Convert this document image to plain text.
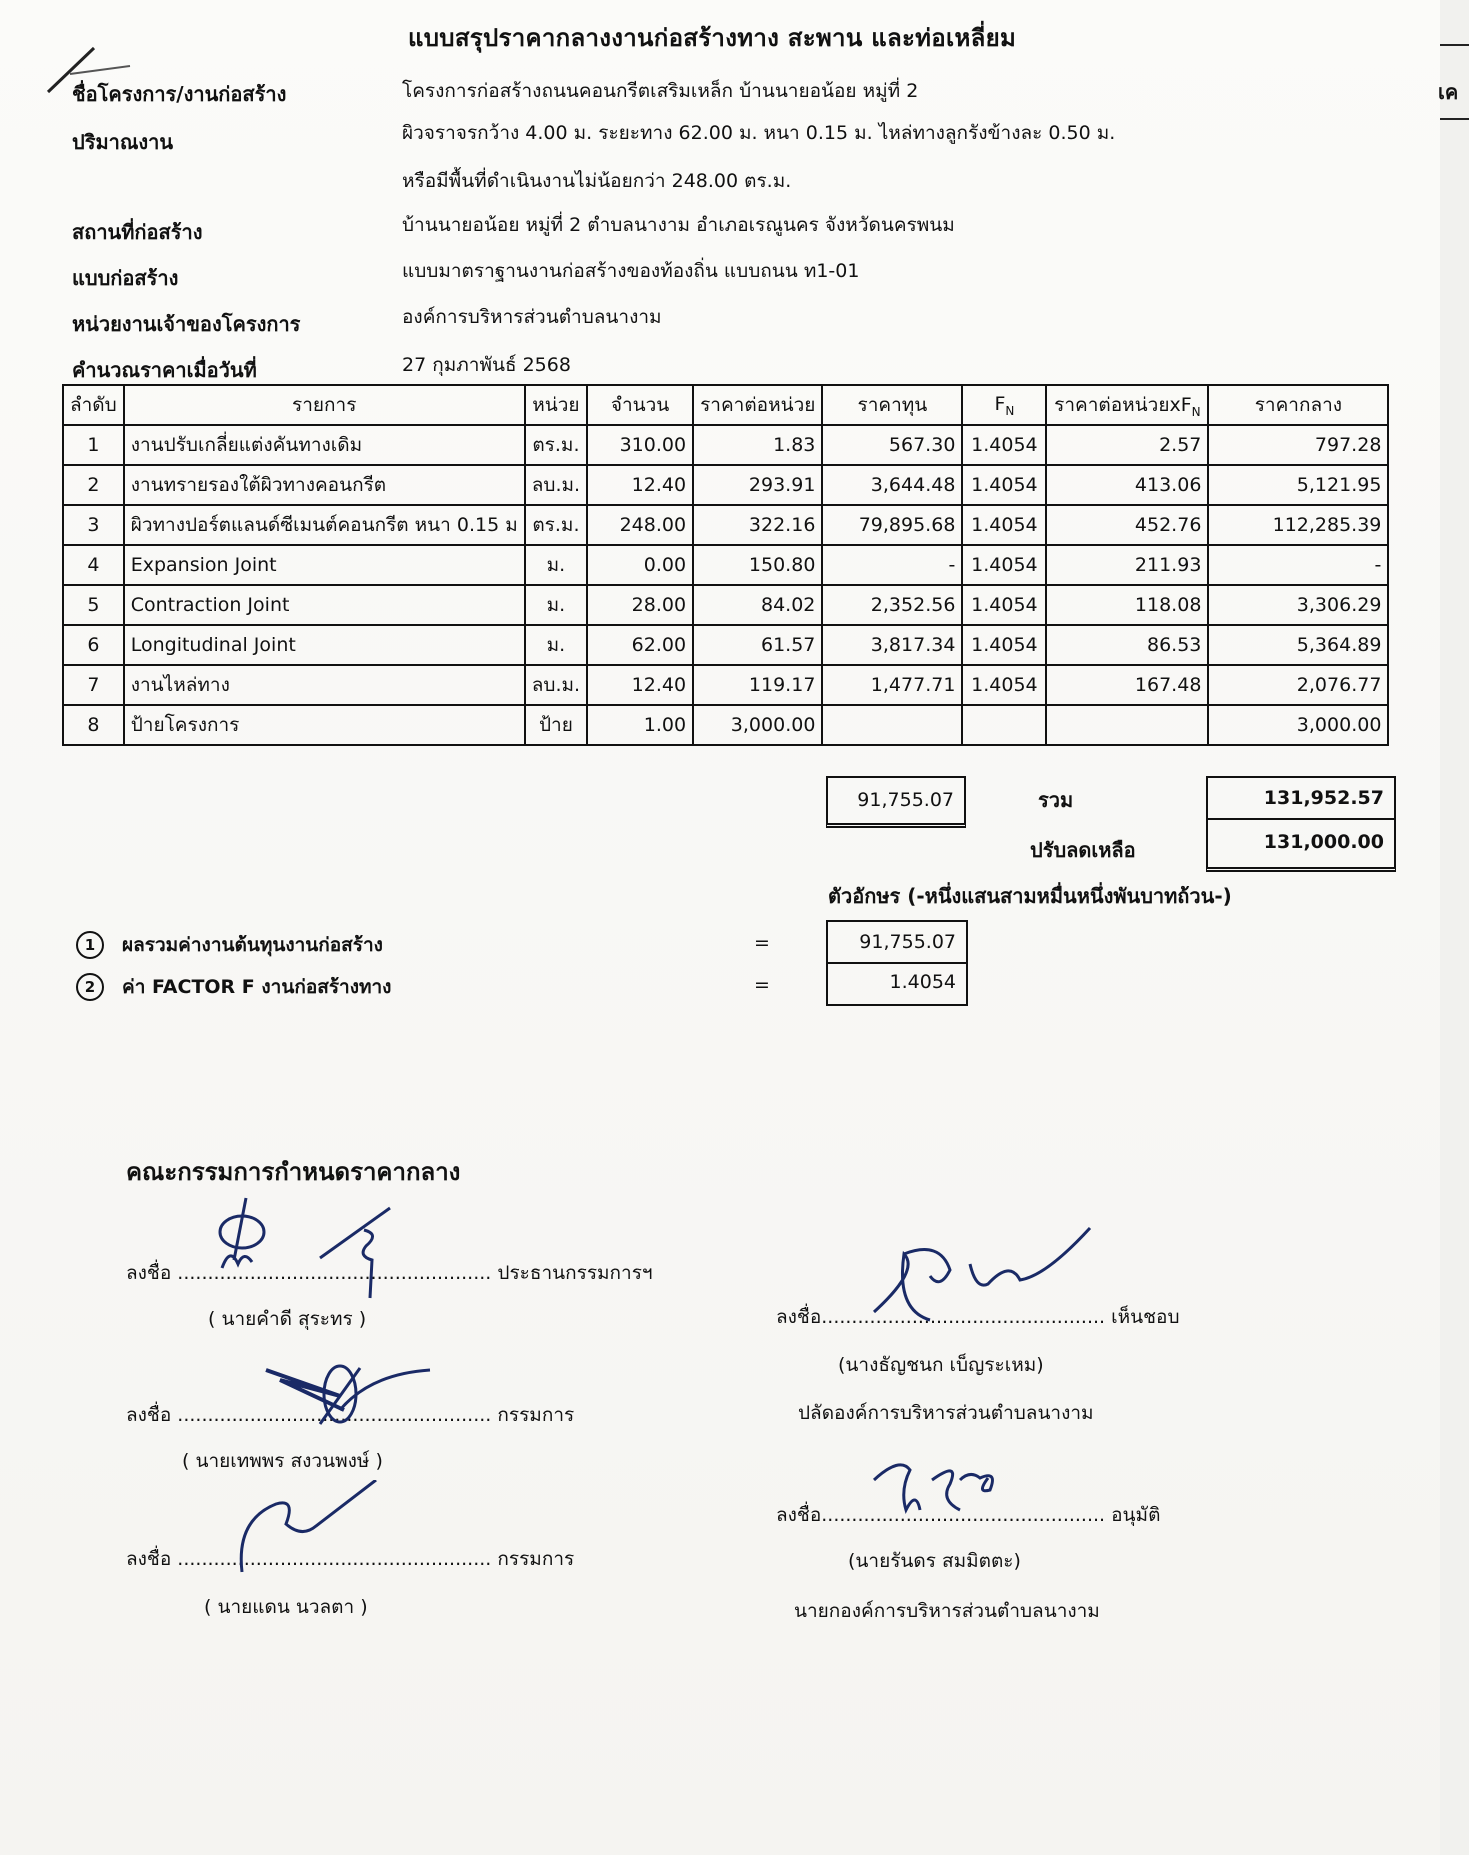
เค
แบบสรุปราคากลางงานก่อสร้างทาง สะพาน และท่อเหลี่ยม
ชื่อโครงการ/งานก่อสร้าง	โครงการก่อสร้างถนนคอนกรีตเสริมเหล็ก บ้านนายอน้อย หมู่ที่ 2
ปริมาณงาน	ผิวจราจรกว้าง 4.00 ม. ระยะทาง 62.00 ม. หนา 0.15 ม. ไหล่ทางลูกรังข้างละ 0.50 ม.
หรือมีพื้นที่ดำเนินงานไม่น้อยกว่า 248.00 ตร.ม.
สถานที่ก่อสร้าง	บ้านนายอน้อย หมู่ที่ 2 ตำบลนางาม อำเภอเรณูนคร จังหวัดนครพนม
แบบก่อสร้าง	แบบมาตราฐานงานก่อสร้างของท้องถิ่น แบบถนน ท1-01
หน่วยงานเจ้าของโครงการ	องค์การบริหารส่วนตำบลนางาม
คำนวณราคาเมื่อวันที่	27 กุมภาพันธ์ 2568
ลำดับ	รายการ	หน่วย	จำนวน	ราคาต่อหน่วย	ราคาทุน	$F_N$	ราคาต่อหน่วย$xF_N$	ราคากลาง
1	งานปรับเกลี่ยแต่งคันทางเดิม	ตร.ม.	310.00	1.83	567.30	1.4054	2.57	797.28
2	งานทรายรองใต้ผิวทางคอนกรีต	ลบ.ม.	12.40	293.91	3,644.48	1.4054	413.06	5,121.95
3	ผิวทางปอร์ตแลนด์ซีเมนต์คอนกรีต หนา 0.15 ม	ตร.ม.	248.00	322.16	79,895.68	1.4054	452.76	112,285.39
4	Expansion Joint	ม.	0.00	150.80	-	1.4054	211.93	-
5	Contraction Joint	ม.	28.00	84.02	2,352.56	1.4054	118.08	3,306.29
6	Longitudinal Joint	ม.	62.00	61.57	3,817.34	1.4054	86.53	5,364.89
7	งานไหล่ทาง	ลบ.ม.	12.40	119.17	1,477.71	1.4054	167.48	2,076.77
8	ป้ายโครงการ	ป้าย	1.00	3,000.00				3,000.00
91,755.07	รวม	131,952.57
ปรับลดเหลือ	131,000.00
ตัวอักษร (-หนึ่งแสนสามหมื่นหนึ่งพันบาทถ้วน-)
1	ผลรวมค่างานต้นทุนงานก่อสร้าง	=	91,755.07
2	ค่า FACTOR F งานก่อสร้างทาง	=	1.4054
คณะกรรมการกำหนดราคากลาง
ลงชื่อ .................................................... ประธานกรรมการฯ
( นายคำดี สุระทร )
ลงชื่อ .................................................... กรรมการ
( นายเทพพร สงวนพงษ์ )
ลงชื่อ .................................................... กรรมการ
( นายแดน นวลตา )
ลงชื่อ............................................... เห็นชอบ
(นางธัญชนก เบ็ญระเหม)
ปลัดองค์การบริหารส่วนตำบลนางาม
ลงชื่อ............................................... อนุมัติ
(นายรันดร สมมิตตะ)
นายกองค์การบริหารส่วนตำบลนางาม
